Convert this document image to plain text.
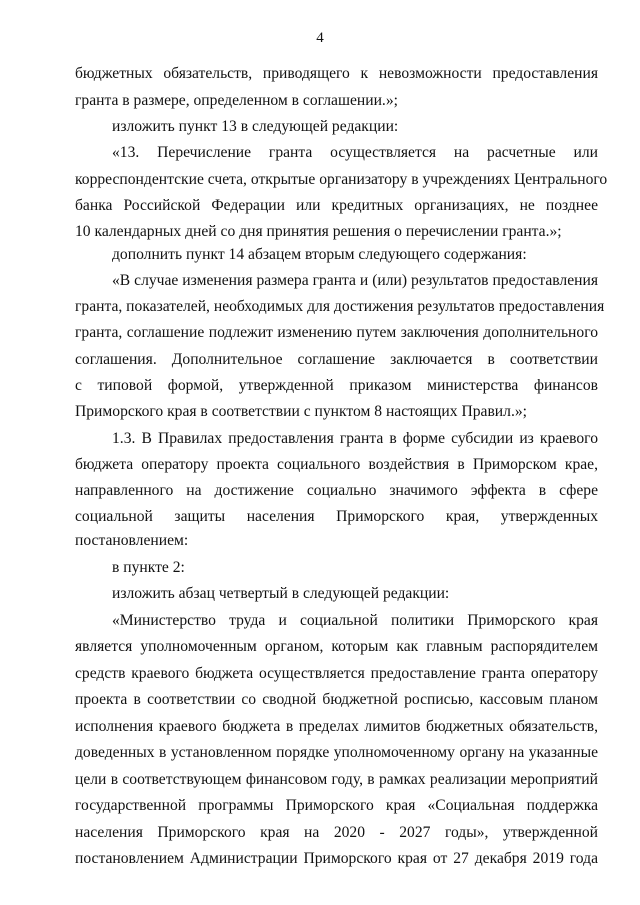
4
бюджетных обязательств, приводящего к невозможности предоставления
гранта в размере, определенном в соглашении.»;
изложить пункт 13 в следующей редакции:
«13. Перечисление гранта осуществляется на расчетные или
корреспондентские счета, открытые организатору в учреждениях Центрального
банка Российской Федерации или кредитных организациях, не позднее
10 календарных дней со дня принятия решения о перечислении гранта.»;
дополнить пункт 14 абзацем вторым следующего содержания:
«В случае изменения размера гранта и (или) результатов предоставления
гранта, показателей, необходимых для достижения результатов предоставления
гранта, соглашение подлежит изменению путем заключения дополнительного
соглашения. Дополнительное соглашение заключается в соответствии
с типовой формой, утвержденной приказом министерства финансов
Приморского края в соответствии с пунктом 8 настоящих Правил.»;
1.3. В Правилах предоставления гранта в форме субсидии из краевого
бюджета оператору проекта социального воздействия в Приморском крае,
направленного на достижение социально значимого эффекта в сфере
социальной защиты населения Приморского края, утвержденных
постановлением:
в пункте 2:
изложить абзац четвертый в следующей редакции:
«Министерство труда и социальной политики Приморского края
является уполномоченным органом, которым как главным распорядителем
средств краевого бюджета осуществляется предоставление гранта оператору
проекта в соответствии со сводной бюджетной росписью, кассовым планом
исполнения краевого бюджета в пределах лимитов бюджетных обязательств,
доведенных в установленном порядке уполномоченному органу на указанные
цели в соответствующем финансовом году, в рамках реализации мероприятий
государственной программы Приморского края «Социальная поддержка
населения Приморского края на 2020 - 2027 годы», утвержденной
постановлением Администрации Приморского края от 27 декабря 2019 года
